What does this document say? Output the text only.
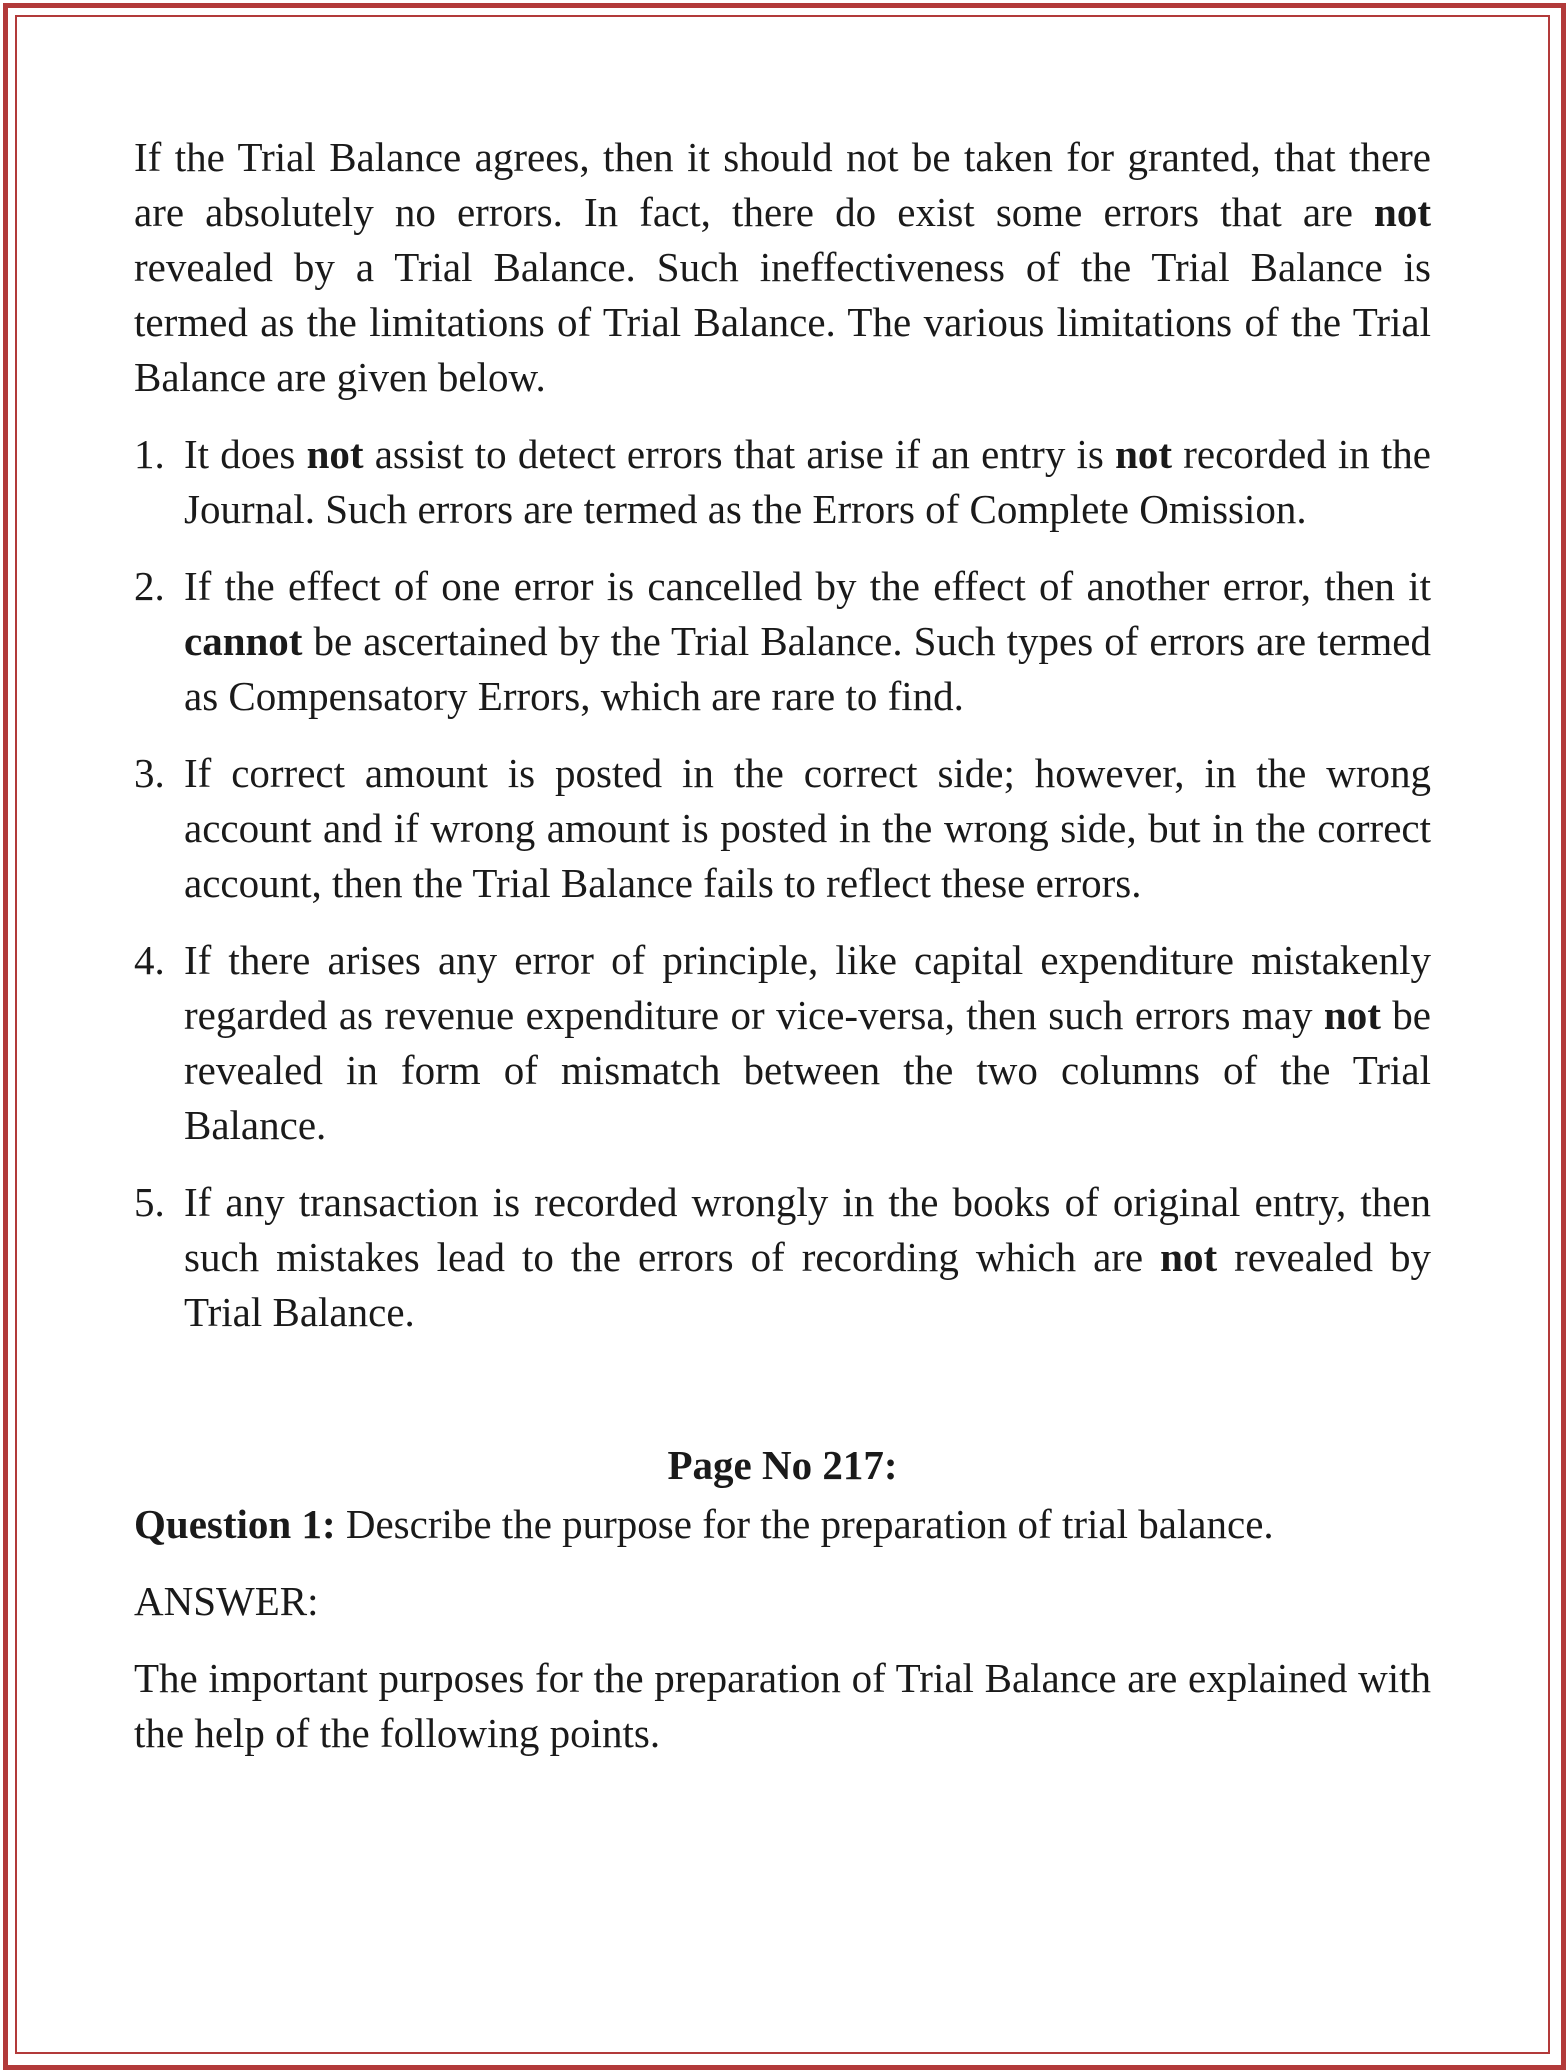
If the Trial Balance agrees, then it should not be taken for granted, that there are absolutely no errors. In fact, there do exist some errors that are not revealed by a Trial Balance. Such ineffectiveness of the Trial Balance is termed as the limitations of Trial Balance. The various limitations of the Trial Balance are given below.

1. It does not assist to detect errors that arise if an entry is not recorded in the Journal. Such errors are termed as the Errors of Complete Omission.
2. If the effect of one error is cancelled by the effect of another error, then it cannot be ascertained by the Trial Balance. Such types of errors are termed as Compensatory Errors, which are rare to find.
3. If correct amount is posted in the correct side; however, in the wrong account and if wrong amount is posted in the wrong side, but in the correct account, then the Trial Balance fails to reflect these errors.
4. If there arises any error of principle, like capital expenditure mistakenly regarded as revenue expenditure or vice-versa, then such errors may not be revealed in form of mismatch between the two columns of the Trial Balance.
5. If any transaction is recorded wrongly in the books of original entry, then such mistakes lead to the errors of recording which are not revealed by Trial Balance.

Page No 217:

Question 1: Describe the purpose for the preparation of trial balance.

ANSWER:

The important purposes for the preparation of Trial Balance are explained with the help of the following points.
